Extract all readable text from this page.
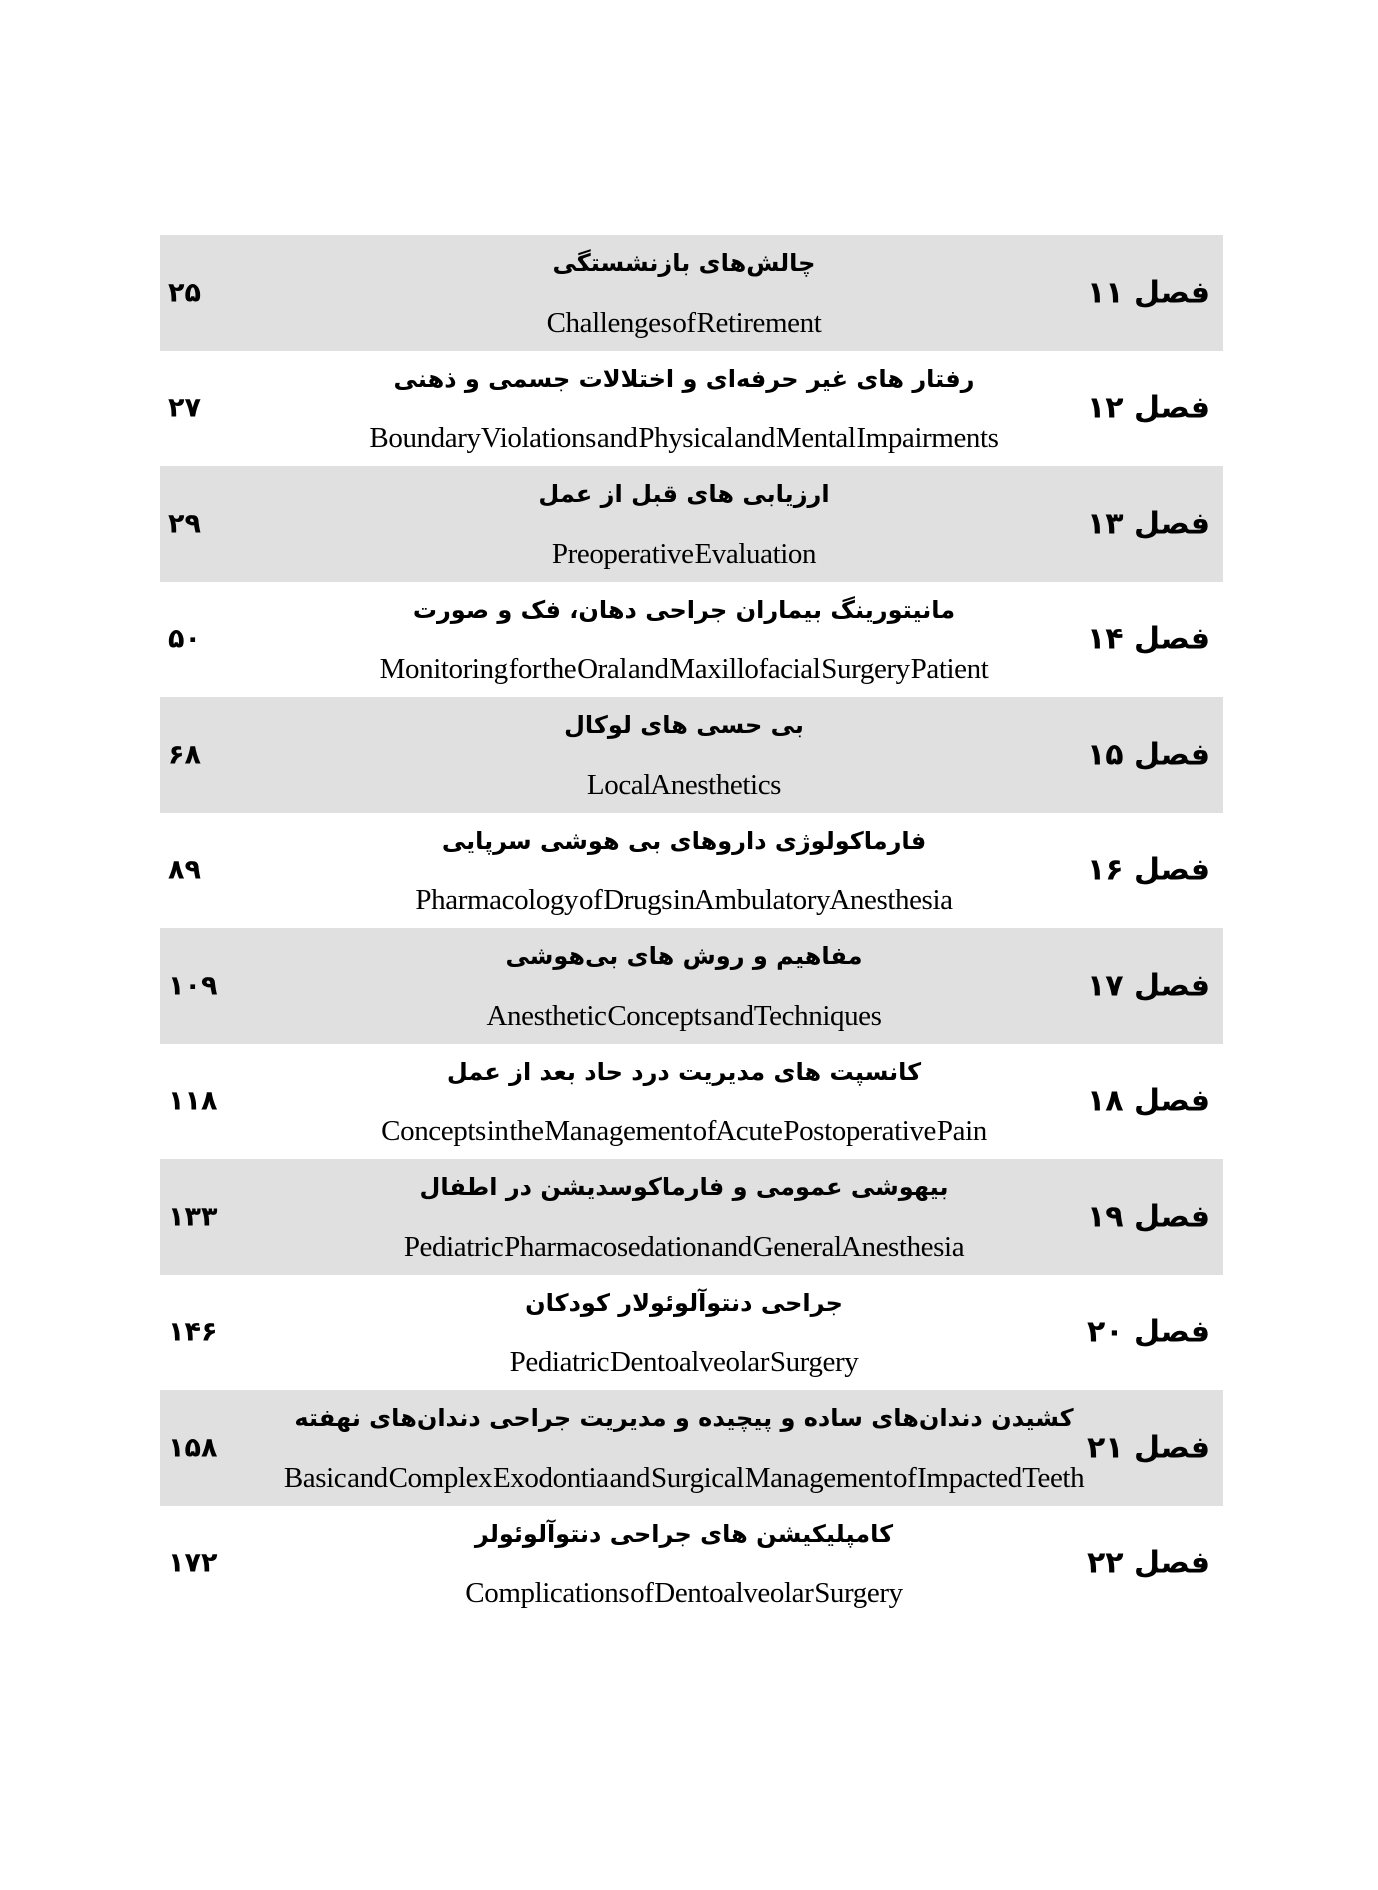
۲۵
چالش‌های بازنشستگی
Challenges of Retirement
فصل ۱۱
۲۷
رفتار های غیر حرفه‌ای و اختلالات جسمی و ذهنی
Boundary Violations and Physical and Mental Impairments
فصل ۱۲
۲۹
ارزیابی های قبل از عمل
Preoperative Evaluation
فصل ۱۳
۵۰
مانیتورینگ بیماران جراحی دهان، فک و صورت
Monitoring for the Oral and Maxillofacial Surgery Patient
فصل ۱۴
۶۸
بی حسی های لوکال
Local Anesthetics
فصل ۱۵
۸۹
فارماکولوژی داروهای بی هوشی سرپایی
Pharmacology of Drugs in Ambulatory Anesthesia
فصل ۱۶
۱۰۹
مفاهیم و روش های بی‌هوشی
Anesthetic Concepts and Techniques
فصل ۱۷
۱۱۸
کانسپت های مدیریت درد حاد بعد از عمل
Concepts in the Management of Acute Postoperative Pain
فصل ۱۸
۱۳۳
بیهوشی عمومی و فارماکوسدیشن در اطفال
Pediatric Pharmacosedation and General Anesthesia
فصل ۱۹
۱۴۶
جراحی دنتوآلوئولار کودکان
Pediatric Dentoalveolar Surgery
فصل ۲۰
۱۵۸
کشیدن دندان‌های ساده و پیچیده و مدیریت جراحی دندان‌های نهفته
Basic and Complex Exodontia and Surgical Management of Impacted Teeth
فصل ۲۱
۱۷۲
کامپلیکیشن های جراحی دنتوآلوئولر
Complications of Dentoalveolar Surgery
فصل ۲۲
